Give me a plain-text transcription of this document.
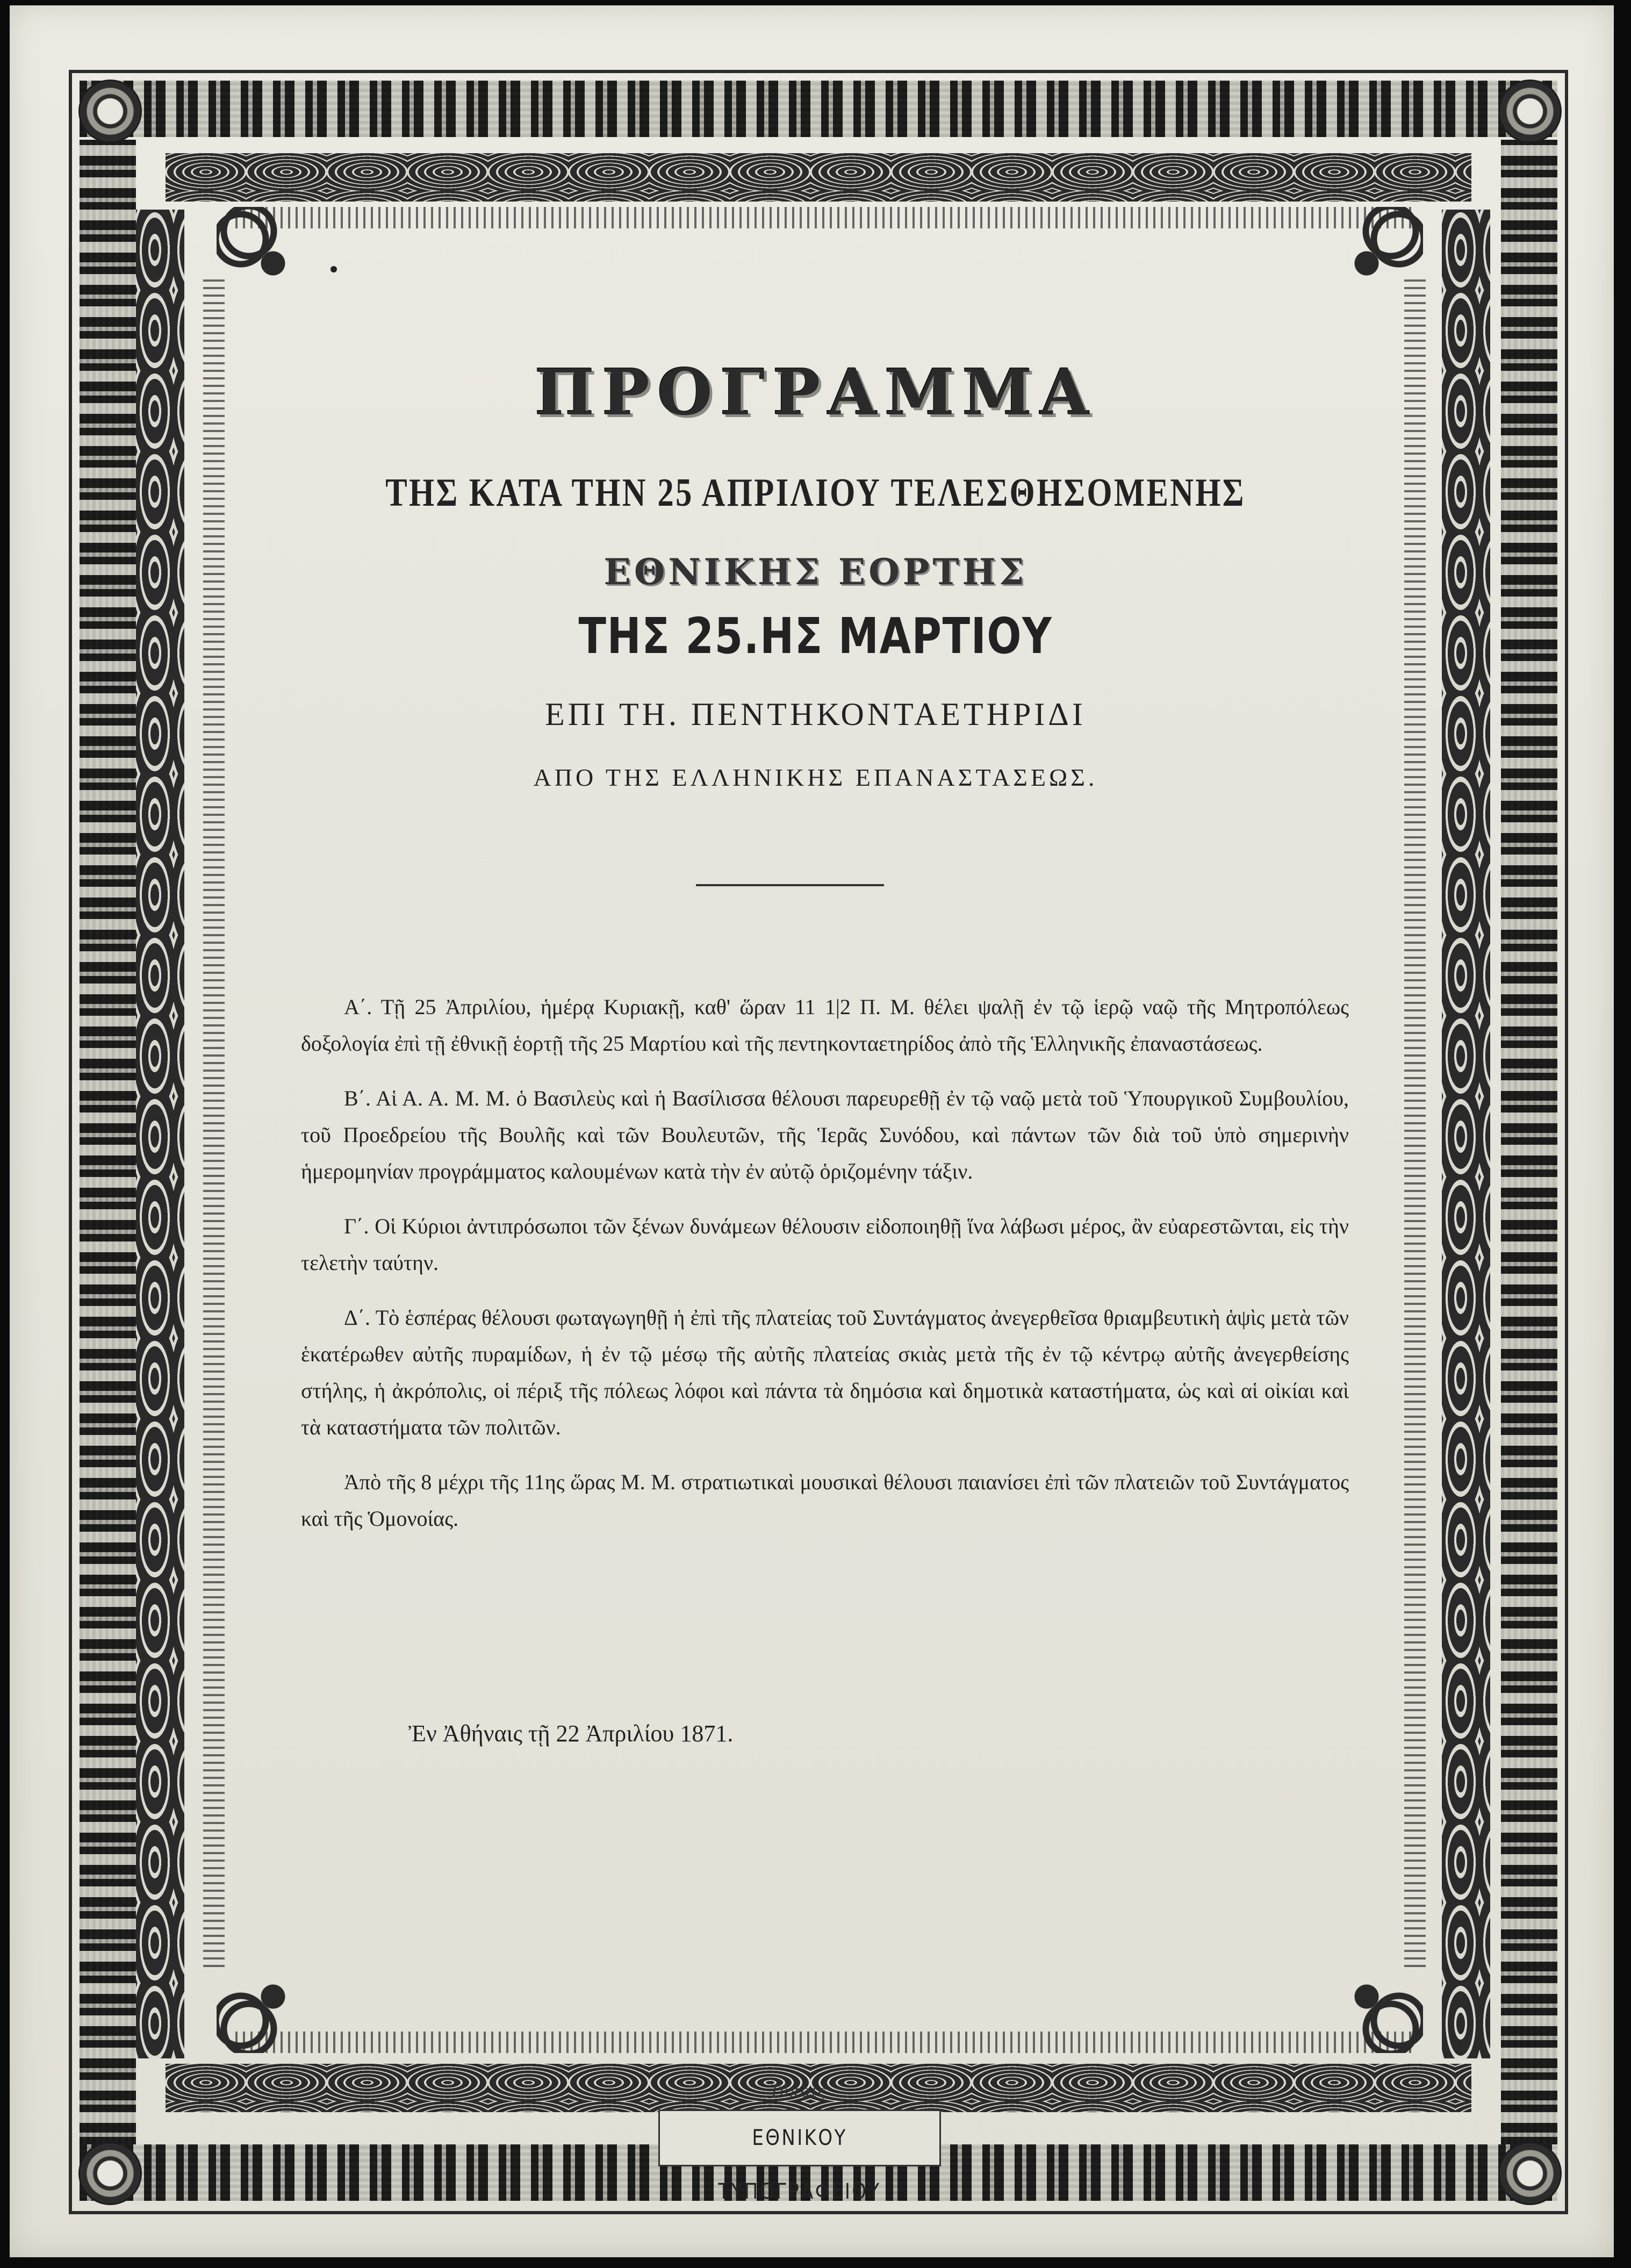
ΠΡΟΓΡΑΜΜΑ
ΤΗΣ ΚΑΤΑ ΤΗΝ 25 ΑΠΡΙΛΙΟΥ ΤΕΛΕΣΘΗΣΟΜΕΝΗΣ
ΕΘΝΙΚΗΣ ΕΟΡΤΗΣ
ΤΗΣ 25.ΗΣ ΜΑΡΤΙΟΥ
ΕΠΙ ΤΗ. ΠΕΝΤΗΚΟΝΤΑΕΤΗΡΙΔΙ
ΑΠΟ ΤΗΣ ΕΛΛΗΝΙΚΗΣ ΕΠΑΝΑΣΤΑΣΕΩΣ.

Α΄. Τῇ 25 Ἀπριλίου, ἡμέρᾳ Κυριακῇ, καθ' ὥραν 11 1|2 Π. Μ. θέλει ψαλῇ ἐν τῷ ἱερῷ ναῷ τῆς Μητροπόλεως δοξολογία ἐπὶ τῇ ἐθνικῇ ἑορτῇ τῆς 25 Μαρτίου καὶ τῆς πεντηκονταετηρίδος ἀπὸ τῆς Ἑλληνικῆς ἐπαναστάσεως.

Β΄. Αἱ Α. Α. Μ. Μ. ὁ Βασιλεὺς καὶ ἡ Βασίλισσα θέλουσι παρευρεθῇ ἐν τῷ ναῷ μετὰ τοῦ Ὑπουργικοῦ Συμβουλίου, τοῦ Προεδρείου τῆς Βουλῆς καὶ τῶν Βουλευτῶν, τῆς Ἱερᾶς Συνόδου, καὶ πάντων τῶν διὰ τοῦ ὑπὸ σημερινὴν ἡμερομηνίαν προγράμματος καλουμένων κατὰ τὴν ἐν αὐτῷ ὁριζομένην τάξιν.

Γ΄. Οἱ Κύριοι ἀντιπρόσωποι τῶν ξένων δυνάμεων θέλουσιν εἰδοποιηθῇ ἵνα λάβωσι μέρος, ἂν εὐαρεστῶνται, εἰς τὴν τελετὴν ταύτην.

Δ΄. Τὸ ἑσπέρας θέλουσι φωταγωγηθῇ ἡ ἐπὶ τῆς πλατείας τοῦ Συντάγματος ἀνεγερθεῖσα θριαμβευτικὴ ἁψὶς μετὰ τῶν ἑκατέρωθεν αὐτῆς πυραμίδων, ἡ ἐν τῷ μέσῳ τῆς αὐτῆς πλατείας σκιὰς μετὰ τῆς ἐν τῷ κέντρῳ αὐτῆς ἀνεγερθείσης στήλης, ἡ ἀκρόπολις, οἱ πέριξ τῆς πόλεως λόφοι καὶ πάντα τὰ δημόσια καὶ δημοτικὰ καταστήματα, ὡς καὶ αἱ οἰκίαι καὶ τὰ καταστήματα τῶν πολιτῶν.

Ἀπὸ τῆς 8 μέχρι τῆς 11ης ὥρας Μ. Μ. στρατιωτικαὶ μουσικαὶ θέλουσι παιανίσει ἐπὶ τῶν πλατειῶν τοῦ Συντάγματος καὶ τῆς Ὁμονοίας.

Ἐν Ἀθήναις τῇ 22 Ἀπριλίου 1871.
Τύποις
ΕΘΝΙΚΟΥ ΤΥΠΟΓΡΑΦΕΙΟΥ
